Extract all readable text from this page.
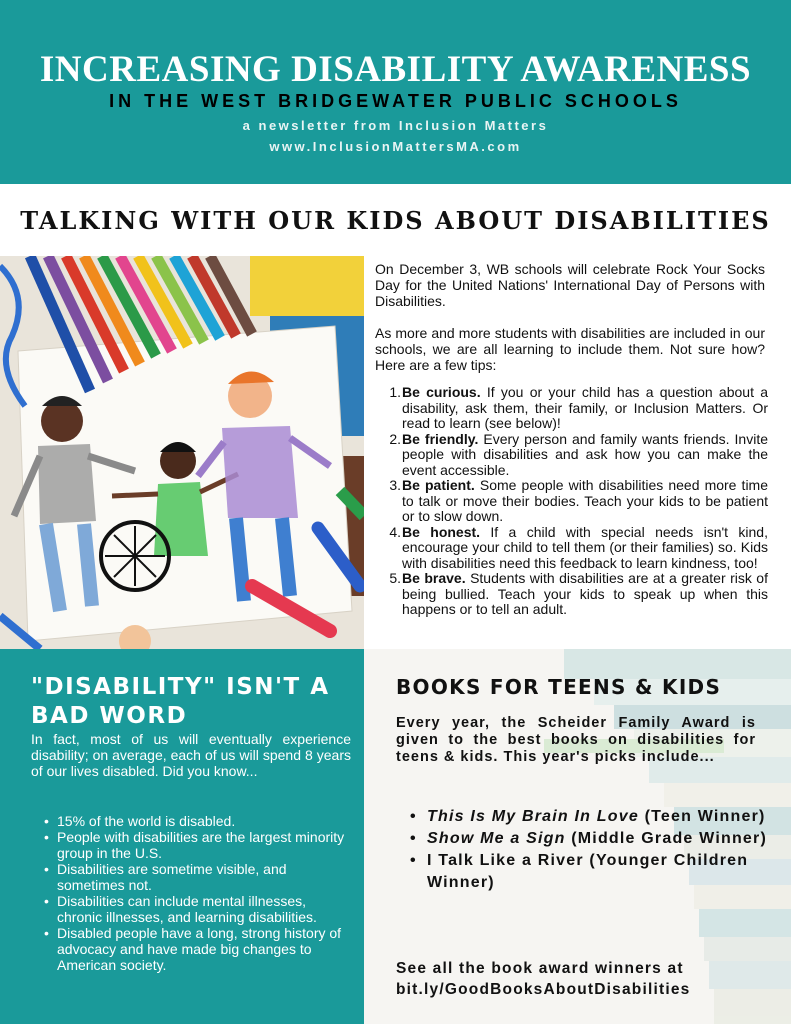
INCREASING DISABILITY AWARENESS
IN THE WEST BRIDGEWATER PUBLIC SCHOOLS
a newsletter from Inclusion Matters
www.InclusionMattersMA.com
TALKING WITH OUR KIDS ABOUT DISABILITIES

On December 3, WB schools will celebrate Rock Your Socks Day for the United Nations' International Day of Persons with Disabilities.

As more and more students with disabilities are included in our schools, we are all learning to include them. Not sure how? Here are a few tips:

1. Be curious. If you or your child has a question about a disability, ask them, their family, or Inclusion Matters. Or read to learn (see below)!
2. Be friendly. Every person and family wants friends. Invite people with disabilities and ask how you can make the event accessible.
3. Be patient. Some people with disabilities need more time to talk or move their bodies. Teach your kids to be patient or to slow down.
4. Be honest. If a child with special needs isn't kind, encourage your child to tell them (or their families) so. Kids with disabilities need this feedback to learn kindness, too!
5. Be brave. Students with disabilities are at a greater risk of being bullied. Teach your kids to speak up when this happens or to tell an adult.
"DISABILITY" ISN'T A BAD WORD
In fact, most of us will eventually experience disability; on average, each of us will spend 8 years of our lives disabled. Did you know...
• 15% of the world is disabled.
• People with disabilities are the largest minority group in the U.S.
• Disabilities are sometime visible, and sometimes not.
• Disabilities can include mental illnesses, chronic illnesses, and learning disabilities.
• Disabled people have a long, strong history of advocacy and have made big changes to American society.
BOOKS FOR TEENS & KIDS
Every year, the Scheider Family Award is given to the best books on disabilities for teens & kids. This year's picks include...
• This Is My Brain In Love (Teen Winner)
• Show Me a Sign (Middle Grade Winner)
• I Talk Like a River (Younger Children Winner)
See all the book award winners at bit.ly/GoodBooksAboutDisabilities
